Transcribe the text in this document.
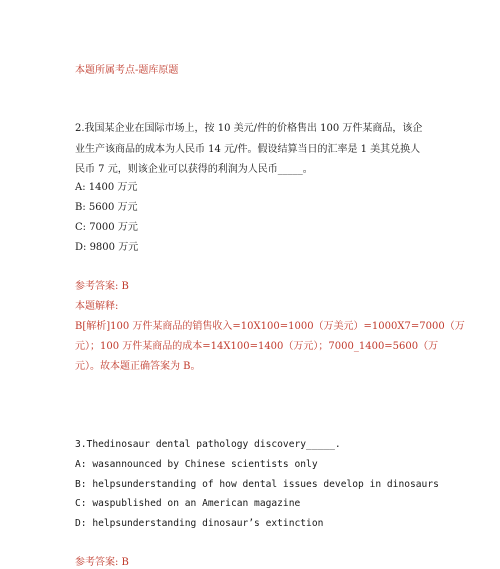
本题所属考点-题库原题
2.我国某企业在国际市场上，按 10 美元/件的价格售出 100 万件某商品，该企
业生产该商品的成本为人民币 14 元/件。假设结算当日的汇率是 1 美其兑换人
民币 7 元，则该企业可以获得的利润为人民币_____。
A: 1400 万元
B: 5600 万元
C: 7000 万元
D: 9800 万元
参考答案: B
本题解释:
B[解析]100 万件某商品的销售收入=10X100=1000（万美元）=1000X7=7000（万
元）；100 万件某商品的成本=14X100=1400（万元）；7000_1400=5600（万
元）。故本题正确答案为 B。
3.Thedinosaur dental pathology discovery_____.
A: wasannounced by Chinese scientists only
B: helpsunderstanding of how dental issues develop in dinosaurs
C: waspublished on an American magazine
D: helpsunderstanding dinosaur’s extinction
参考答案: B
